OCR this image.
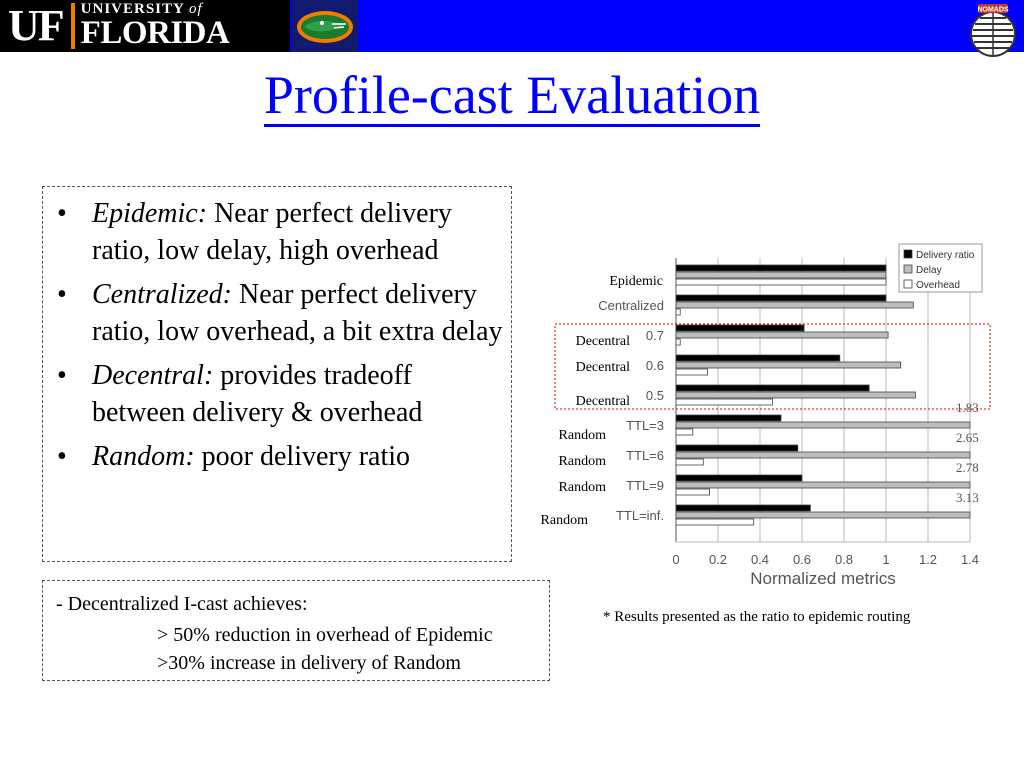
UF UNIVERSITY of
FLORIDA
NOMADS
Profile-cast Evaluation
• Epidemic: Near perfect delivery ratio, low delay, high overhead
• Centralized: Near perfect delivery ratio, low overhead, a bit extra delay
• Decentral: provides tradeoff between delivery & overhead
• Random: poor delivery ratio
- Decentralized I-cast achieves:
> 50% reduction in overhead of Epidemic
>30% increase in delivery of Random
Centralized
0.7
0.6
0.5
TTL=3
1.83
TTL=6
2.65
TTL=9
2.78
TTL=inf.
3.13
Epidemic
Decentral
Decentral
Decentral
Random
Random
Random
Random
0 0.2 0.4 0.6 0.8 1 1.2 1.4
Normalized metrics
Delivery ratio
Delay
Overhead
* Results presented as the ratio to epidemic routing
